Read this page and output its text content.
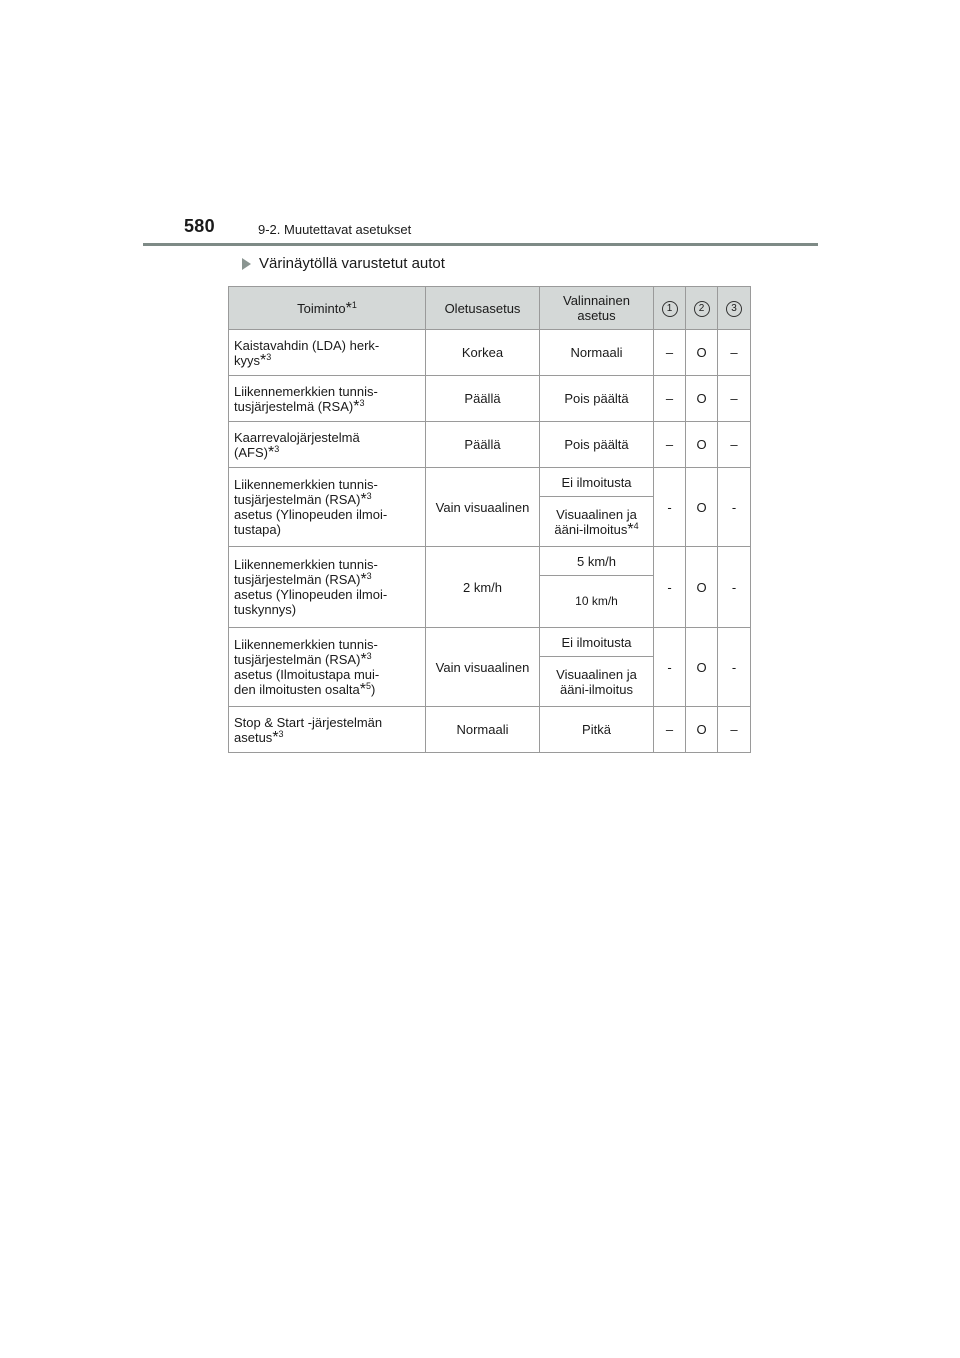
580	9-2. Muutettavat asetukset
Värinäytöllä varustetut autot
Toiminto*$^1$	Oletusasetus	Valinnainen asetus	1	2	3
Kaistavahdin (LDA) herk-
kyys*$^3$	Korkea	Normaali	–	O	–
Liikennemerkkien tunnis-
tusjärjestelmä (RSA)*$^3$	Päällä	Pois päältä	–	O	–
Kaarrevalojärjestelmä
(AFS)*$^3$	Päällä	Pois päältä	–	O	–
Liikennemerkkien tunnis-
tusjärjestelmän (RSA)*$^3$
asetus (Ylinopeuden ilmoi-
tustapa)	Vain visuaalinen	Ei ilmoitusta	-	O	-
		Visuaalinen ja ääni-ilmoitus*$^4$
Liikennemerkkien tunnis-
tusjärjestelmän (RSA)*$^3$
asetus (Ylinopeuden ilmoi-
tuskynnys)	2 km/h	5 km/h	-	O	-
		10 km/h			
Liikennemerkkien tunnis-
tusjärjestelmän (RSA)*$^3$
asetus (Ilmoitustapa mui-
den ilmoitusten osalta*$^5$)	Vain visuaalinen	Ei ilmoitusta	-	O	-
		Visuaalinen ja ääni-ilmoitus			
Stop & Start -järjestelmän
asetus*$^3$	Normaali	Pitkä	–	O	–
